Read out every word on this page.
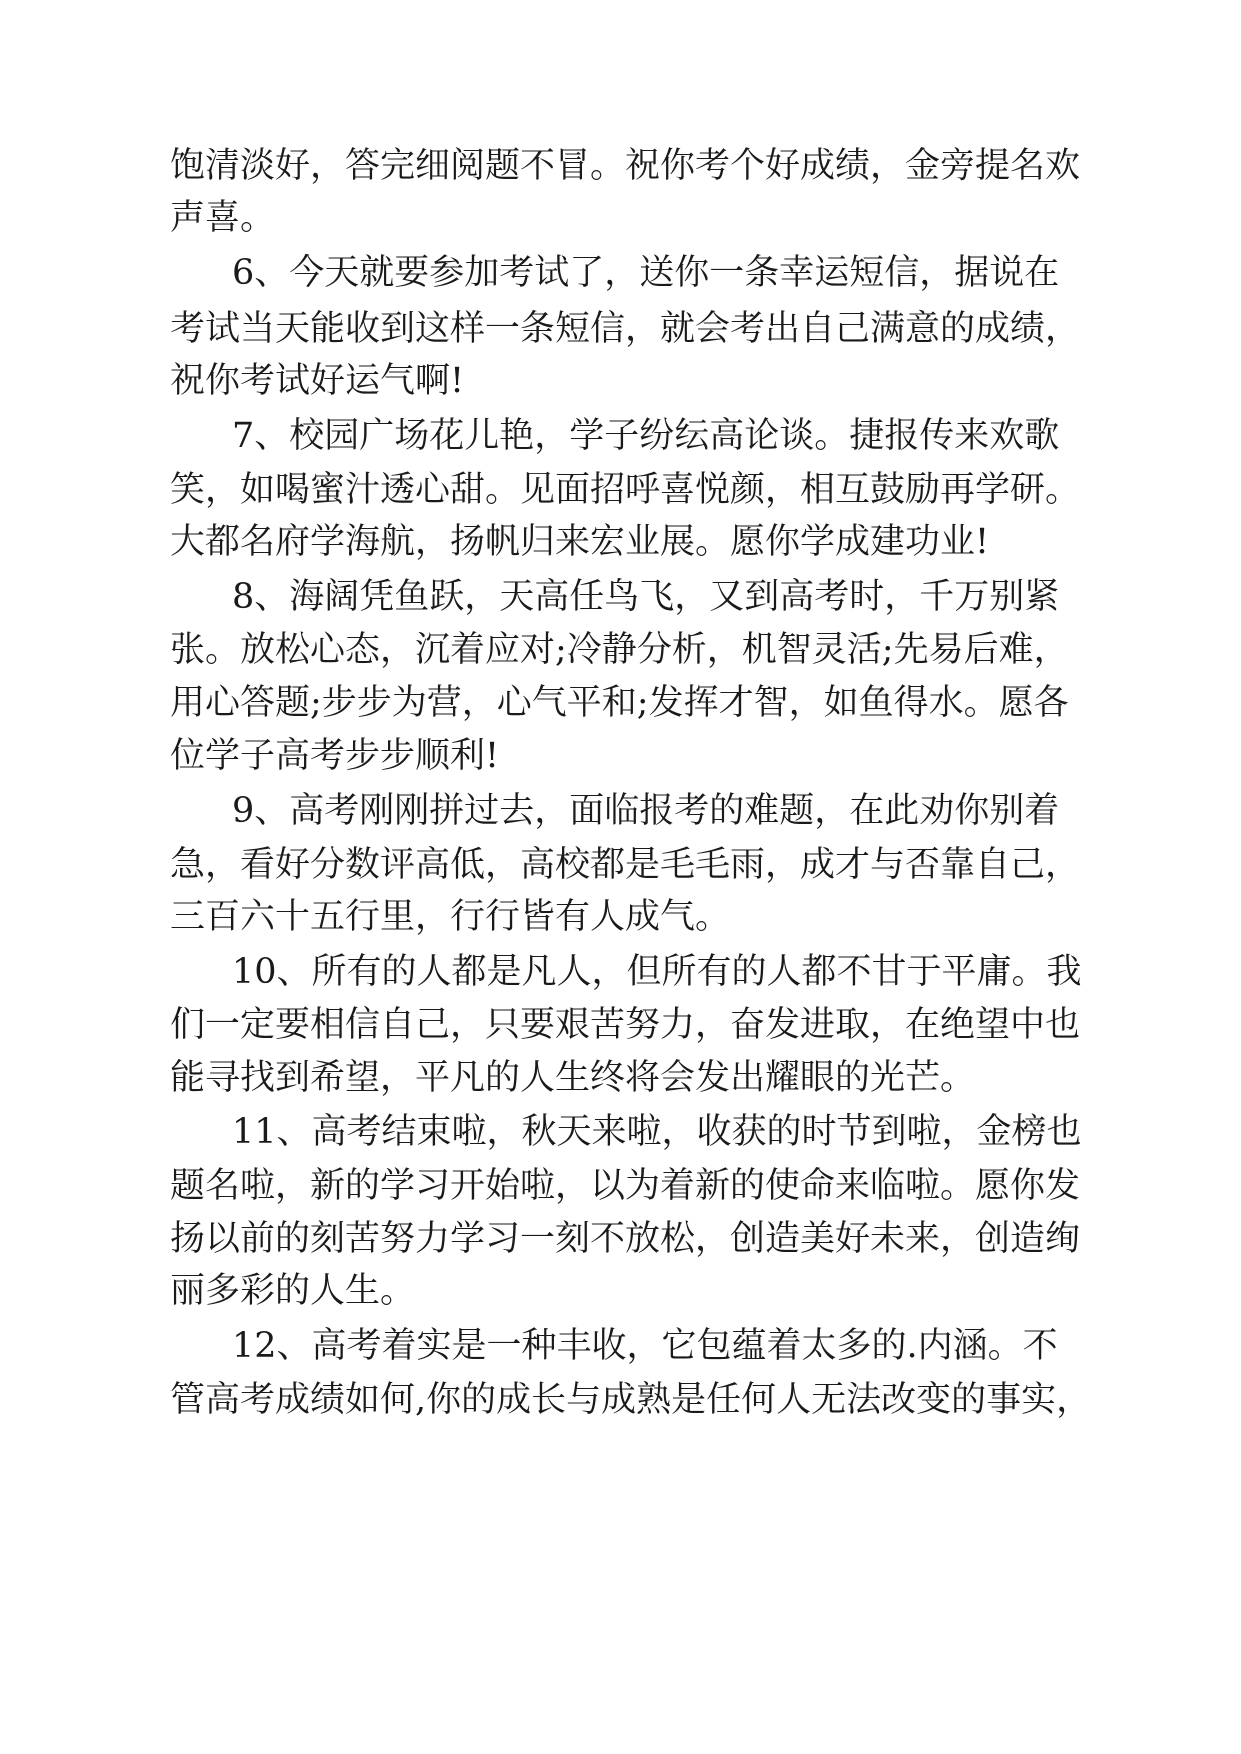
饱清淡好，答完细阅题不冒。祝你考个好成绩，金旁提名欢

声喜。

6、今天就要参加考试了，送你一条幸运短信，据说在

考试当天能收到这样一条短信，就会考出自己满意的成绩，

祝你考试好运气啊!

7、校园广场花儿艳，学子纷纭高论谈。捷报传来欢歌

笑，如喝蜜汁透心甜。见面招呼喜悦颜，相互鼓励再学研。

大都名府学海航，扬帆归来宏业展。愿你学成建功业!

8、海阔凭鱼跃，天高任鸟飞，又到高考时，千万别紧

张。放松心态，沉着应对;冷静分析，机智灵活;先易后难，

用心答题;步步为营，心气平和;发挥才智，如鱼得水。愿各

位学子高考步步顺利!

9、高考刚刚拼过去，面临报考的难题，在此劝你别着

急，看好分数评高低，高校都是毛毛雨，成才与否靠自己，

三百六十五行里，行行皆有人成气。

10、所有的人都是凡人，但所有的人都不甘于平庸。我

们一定要相信自己，只要艰苦努力，奋发进取，在绝望中也

能寻找到希望，平凡的人生终将会发出耀眼的光芒。

11、高考结束啦，秋天来啦，收获的时节到啦，金榜也

题名啦，新的学习开始啦，以为着新的使命来临啦。愿你发

扬以前的刻苦努力学习一刻不放松，创造美好未来，创造绚

丽多彩的人生。

12、高考着实是一种丰收，它包蕴着太多的.内涵。不

管高考成绩如何,你的成长与成熟是任何人无法改变的事实，
